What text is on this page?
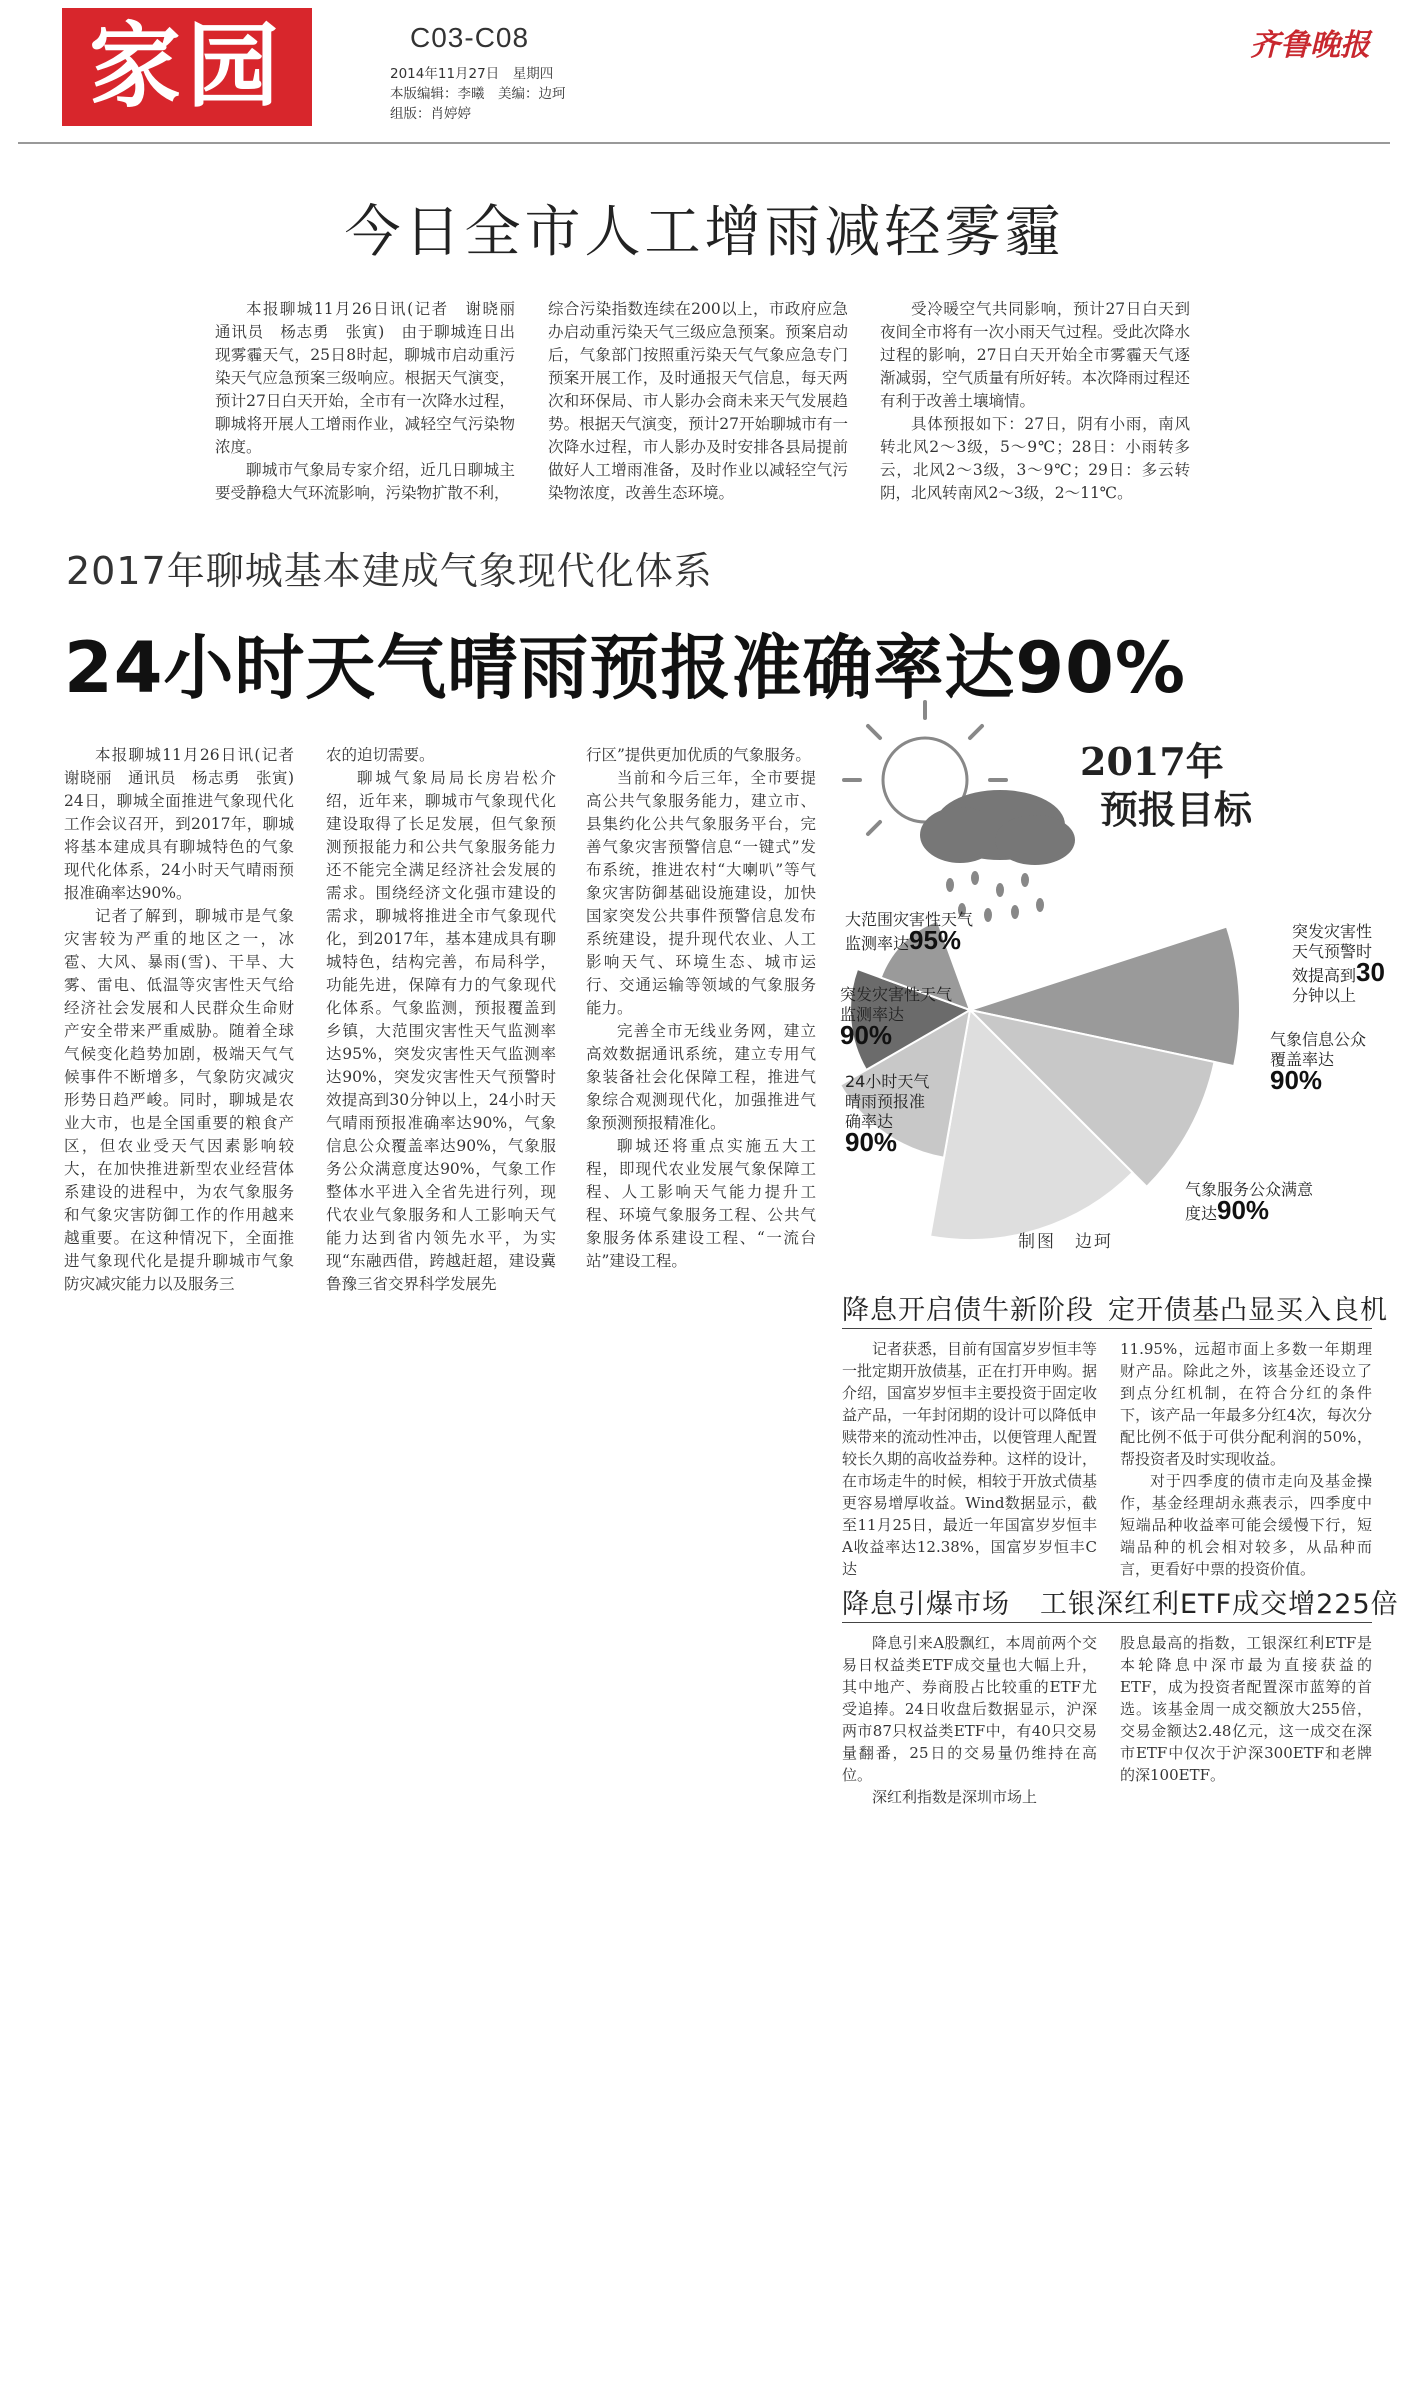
家园	C03-C08
2014年11月27日　星期四
本版编辑：李曦　美编：边珂
组版：肖婷婷
齐鲁晚报
今日全市人工增雨减轻雾霾

本报聊城11月26日讯(记者　谢晓丽　通讯员　杨志勇　张寅)　由于聊城连日出现雾霾天气，25日8时起，聊城市启动重污染天气应急预案三级响应。根据天气演变，预计27日白天开始，全市有一次降水过程，聊城将开展人工增雨作业，减轻空气污染物浓度。

聊城市气象局专家介绍，近几日聊城主要受静稳大气环流影响，污染物扩散不利，

综合污染指数连续在200以上，市政府应急办启动重污染天气三级应急预案。预案启动后，气象部门按照重污染天气气象应急专门预案开展工作，及时通报天气信息，每天两次和环保局、市人影办会商未来天气发展趋势。根据天气演变，预计27开始聊城市有一次降水过程，市人影办及时安排各县局提前做好人工增雨准备，及时作业以减轻空气污染物浓度，改善生态环境。

受冷暖空气共同影响，预计27日白天到夜间全市将有一次小雨天气过程。受此次降水过程的影响，27日白天开始全市雾霾天气逐渐减弱，空气质量有所好转。本次降雨过程还有利于改善土壤墒情。

具体预报如下：27日，阴有小雨，南风转北风2～3级，5～9℃；28日：小雨转多云，北风2～3级，3～9℃；29日：多云转阴，北风转南风2～3级，2～11℃。

2017年聊城基本建成气象现代化体系
24小时天气晴雨预报准确率达90%

本报聊城11月26日讯(记者　谢晓丽　通讯员　杨志勇　张寅)　24日，聊城全面推进气象现代化工作会议召开，到2017年，聊城将基本建成具有聊城特色的气象现代化体系，24小时天气晴雨预报准确率达90%。

记者了解到，聊城市是气象灾害较为严重的地区之一，冰雹、大风、暴雨(雪)、干旱、大雾、雷电、低温等灾害性天气给经济社会发展和人民群众生命财产安全带来严重威胁。随着全球气候变化趋势加剧，极端天气气候事件不断增多，气象防灾减灾形势日趋严峻。同时，聊城是农业大市，也是全国重要的粮食产区，但农业受天气因素影响较大，在加快推进新型农业经营体系建设的进程中，为农气象服务和气象灾害防御工作的作用越来越重要。在这种情况下，全面推进气象现代化是提升聊城市气象防灾减灾能力以及服务三

农的迫切需要。

聊城气象局局长房岩松介绍，近年来，聊城市气象现代化建设取得了长足发展，但气象预测预报能力和公共气象服务能力还不能完全满足经济社会发展的需求。围绕经济文化强市建设的需求，聊城将推进全市气象现代化，到2017年，基本建成具有聊城特色，结构完善，布局科学，功能先进，保障有力的气象现代化体系。气象监测，预报覆盖到乡镇，大范围灾害性天气监测率达95%，突发灾害性天气监测率达90%，突发灾害性天气预警时效提高到30分钟以上，24小时天气晴雨预报准确率达90%，气象信息公众覆盖率达90%，气象服务公众满意度达90%，气象工作整体水平进入全省先进行列，现代农业气象服务和人工影响天气能力达到省内领先水平，为实现“东融西借，跨越赶超，建设冀鲁豫三省交界科学发展先

行区”提供更加优质的气象服务。

当前和今后三年，全市要提高公共气象服务能力，建立市、县集约化公共气象服务平台，完善气象灾害预警信息“一键式”发布系统，推进农村“大喇叭”等气象灾害防御基础设施建设，加快国家突发公共事件预警信息发布系统建设，提升现代农业、人工影响天气、环境生态、城市运行、交通运输等领域的气象服务能力。

完善全市无线业务网，建立高效数据通讯系统，建立专用气象装备社会化保障工程，推进气象综合观测现代化，加强推进气象预测预报精准化。

聊城还将重点实施五大工程，即现代农业发展气象保障工程、人工影响天气能力提升工程、环境气象服务工程、公共气象服务体系建设工程、“一流台站”建设工程。

2017年
预报目标
大范围灾害性天气监测率达95%
突发灾害性天气监测率达
90%
24小时天气晴雨预报准确率达90%
突发灾害性天气预警时效提高到30分钟以上
气象信息公众覆盖率达
90%
气象服务公众满意度达90%
制图　边珂
降息开启债牛新阶段 定开债基凸显买入良机

记者获悉，目前有国富岁岁恒丰等一批定期开放债基，正在打开申购。据介绍，国富岁岁恒丰主要投资于固定收益产品，一年封闭期的设计可以降低申赎带来的流动性冲击，以便管理人配置较长久期的高收益券种。这样的设计，在市场走牛的时候，相较于开放式债基更容易增厚收益。Wind数据显示，截至11月25日，最近一年国富岁岁恒丰A收益率达12.38%，国富岁岁恒丰C达

11.95%，远超市面上多数一年期理财产品。除此之外，该基金还设立了到点分红机制，在符合分红的条件下，该产品一年最多分红4次，每次分配比例不低于可供分配利润的50%，帮投资者及时实现收益。

对于四季度的债市走向及基金操作，基金经理胡永燕表示，四季度中短端品种收益率可能会缓慢下行，短端品种的机会相对较多，从品种而言，更看好中票的投资价值。

降息引爆市场 工银深红利ETF成交增225倍

降息引来A股飘红，本周前两个交易日权益类ETF成交量也大幅上升，其中地产、券商股占比较重的ETF尤受追捧。24日收盘后数据显示，沪深两市87只权益类ETF中，有40只交易量翻番，25日的交易量仍维持在高位。

深红利指数是深圳市场上

股息最高的指数，工银深红利ETF是本轮降息中深市最为直接获益的ETF，成为投资者配置深市蓝筹的首选。该基金周一成交额放大255倍，交易金额达2.48亿元，这一成交在深市ETF中仅次于沪深300ETF和老牌的深100ETF。
